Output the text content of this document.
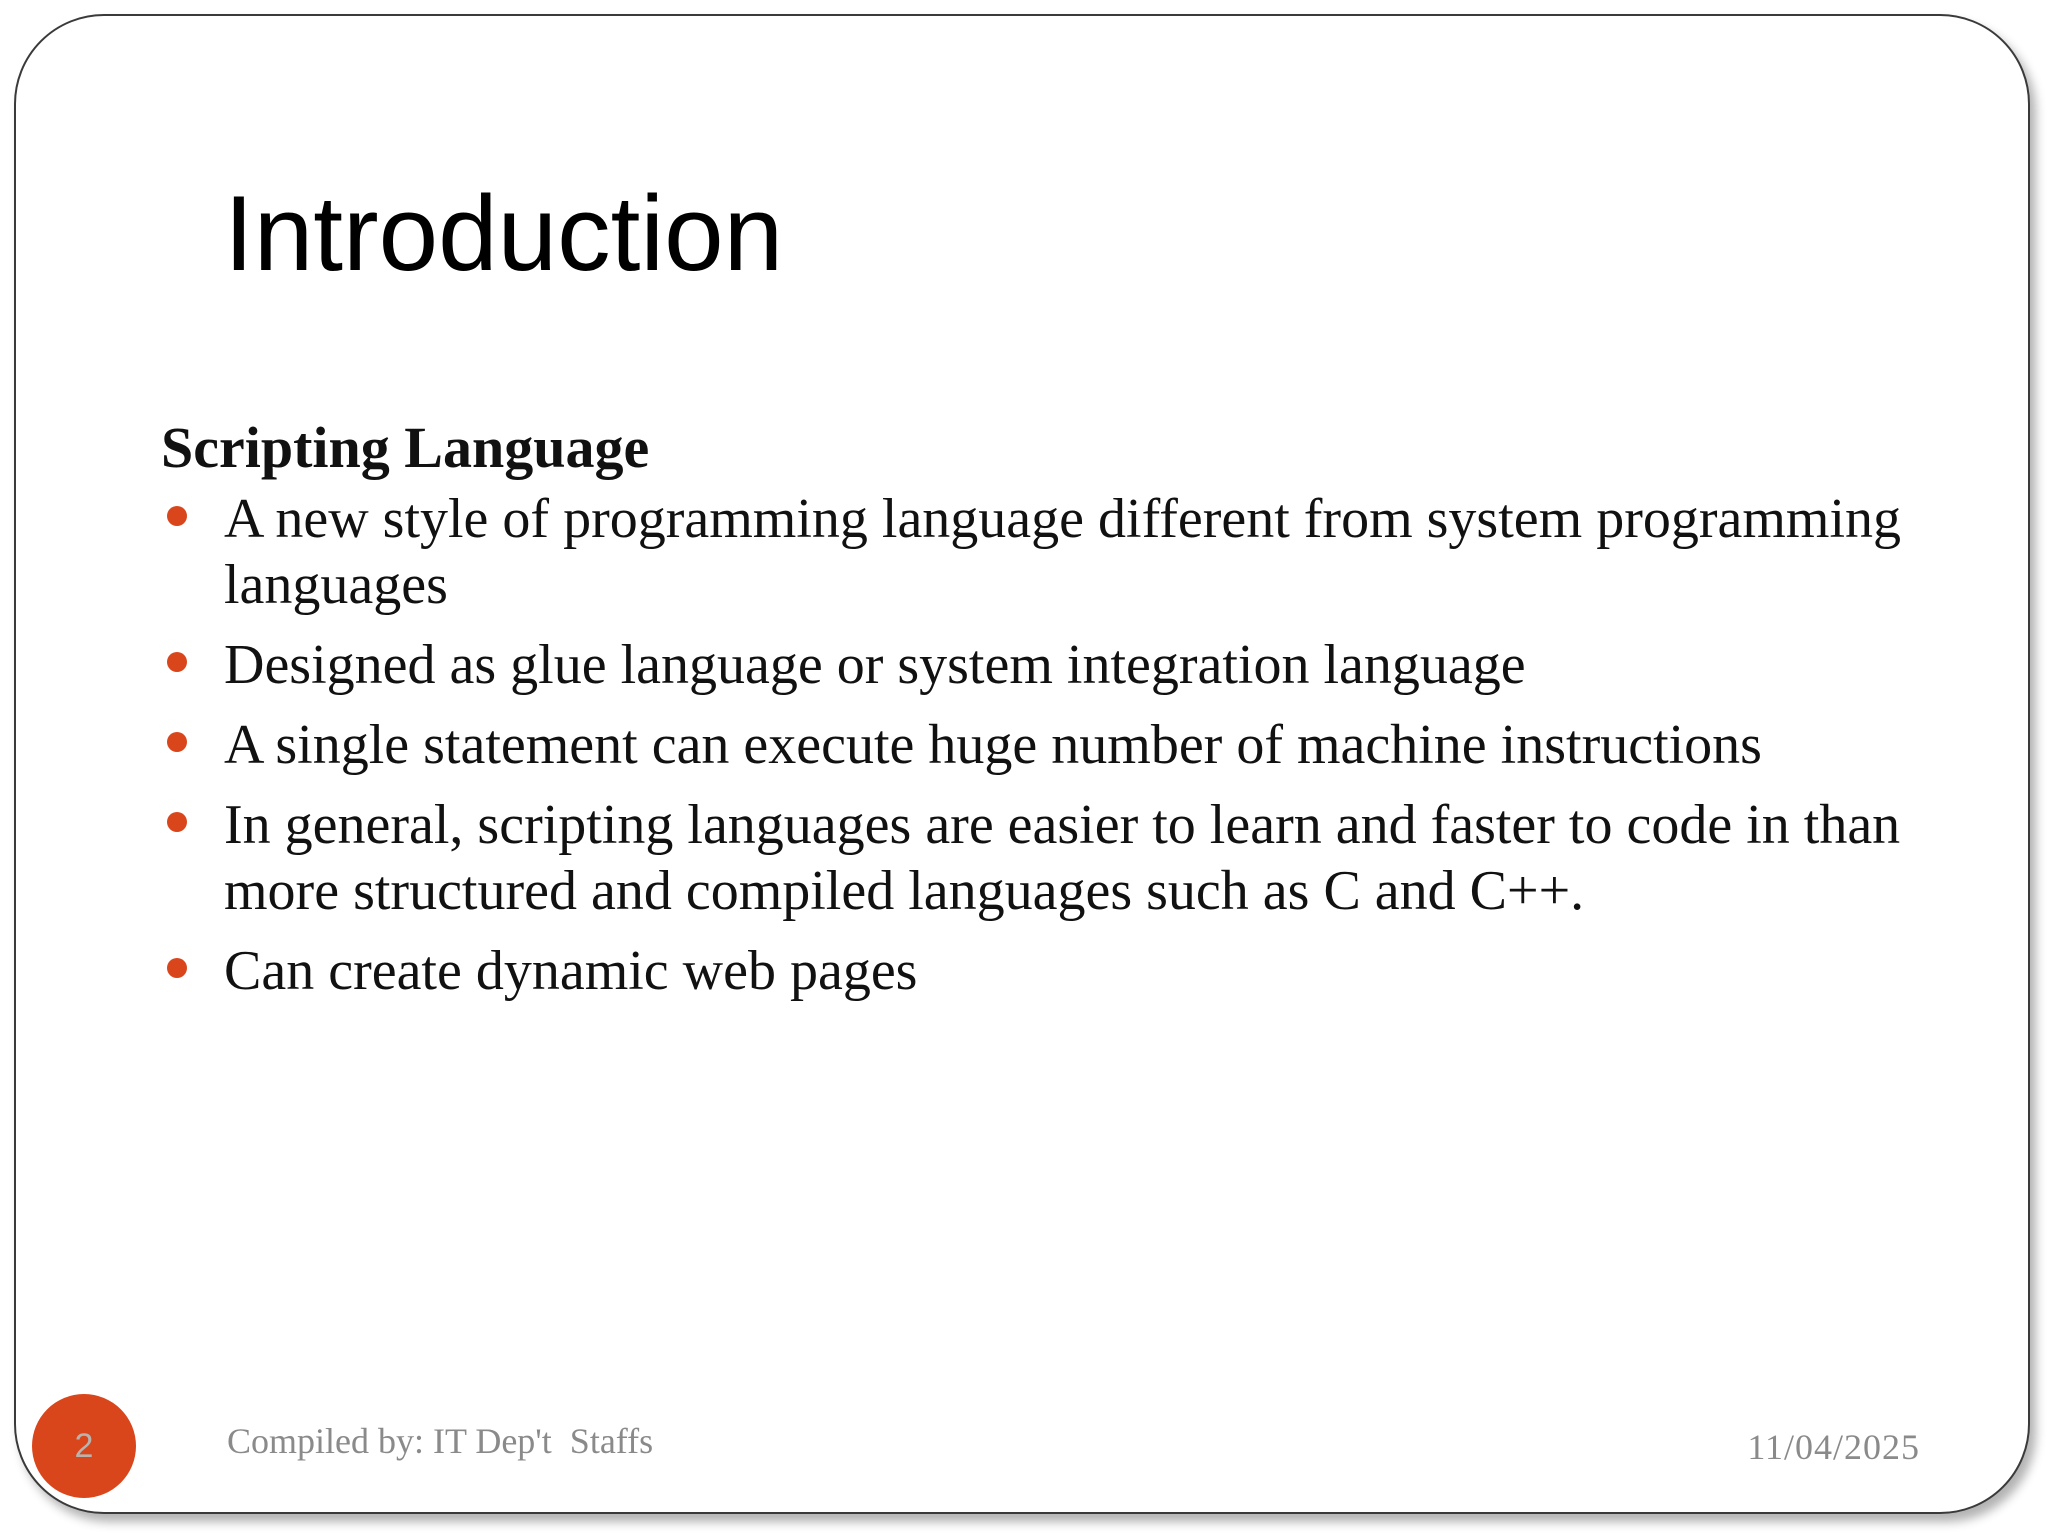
Introduction
Scripting Language
A new style of programming language different from system programming languages
Designed as glue language or system integration language
A single statement can execute huge number of machine instructions
In general, scripting languages are easier to learn and faster to code in than more structured and compiled languages such as C and C++.
Can create dynamic web pages
2	Compiled by: IT Dep't  Staffs	11/04/2025
